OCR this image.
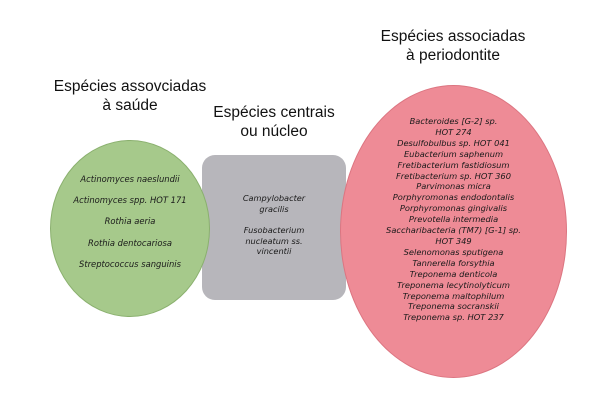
Espécies assovciadas
à saúde	Espécies centrais
ou núcleo
Espécies associadas
à periodontite
Actinomyces naeslundii
Actinomyces spp. HOT 171
Rothia aeria
Rothia dentocariosa
Streptococcus sanguinis
Campylobacter
gracilis
Fusobacterium
nucleatum ss.
vincentii
Bacteroides [G-2] sp.
HOT 274
Desulfobulbus sp. HOT 041
Eubacterium saphenum
Fretibacterium fastidiosum
Fretibacterium sp. HOT 360
Parvimonas micra
Porphyromonas endodontalis
Porphyromonas gingivalis
Prevotella intermedia
Saccharibacteria (TM7) [G-1] sp.
HOT 349
Selenomonas sputigena
Tannerella forsythia
Treponema denticola
Treponema lecytinolyticum
Treponema maltophilum
Treponema socranskii
Treponema sp. HOT 237
